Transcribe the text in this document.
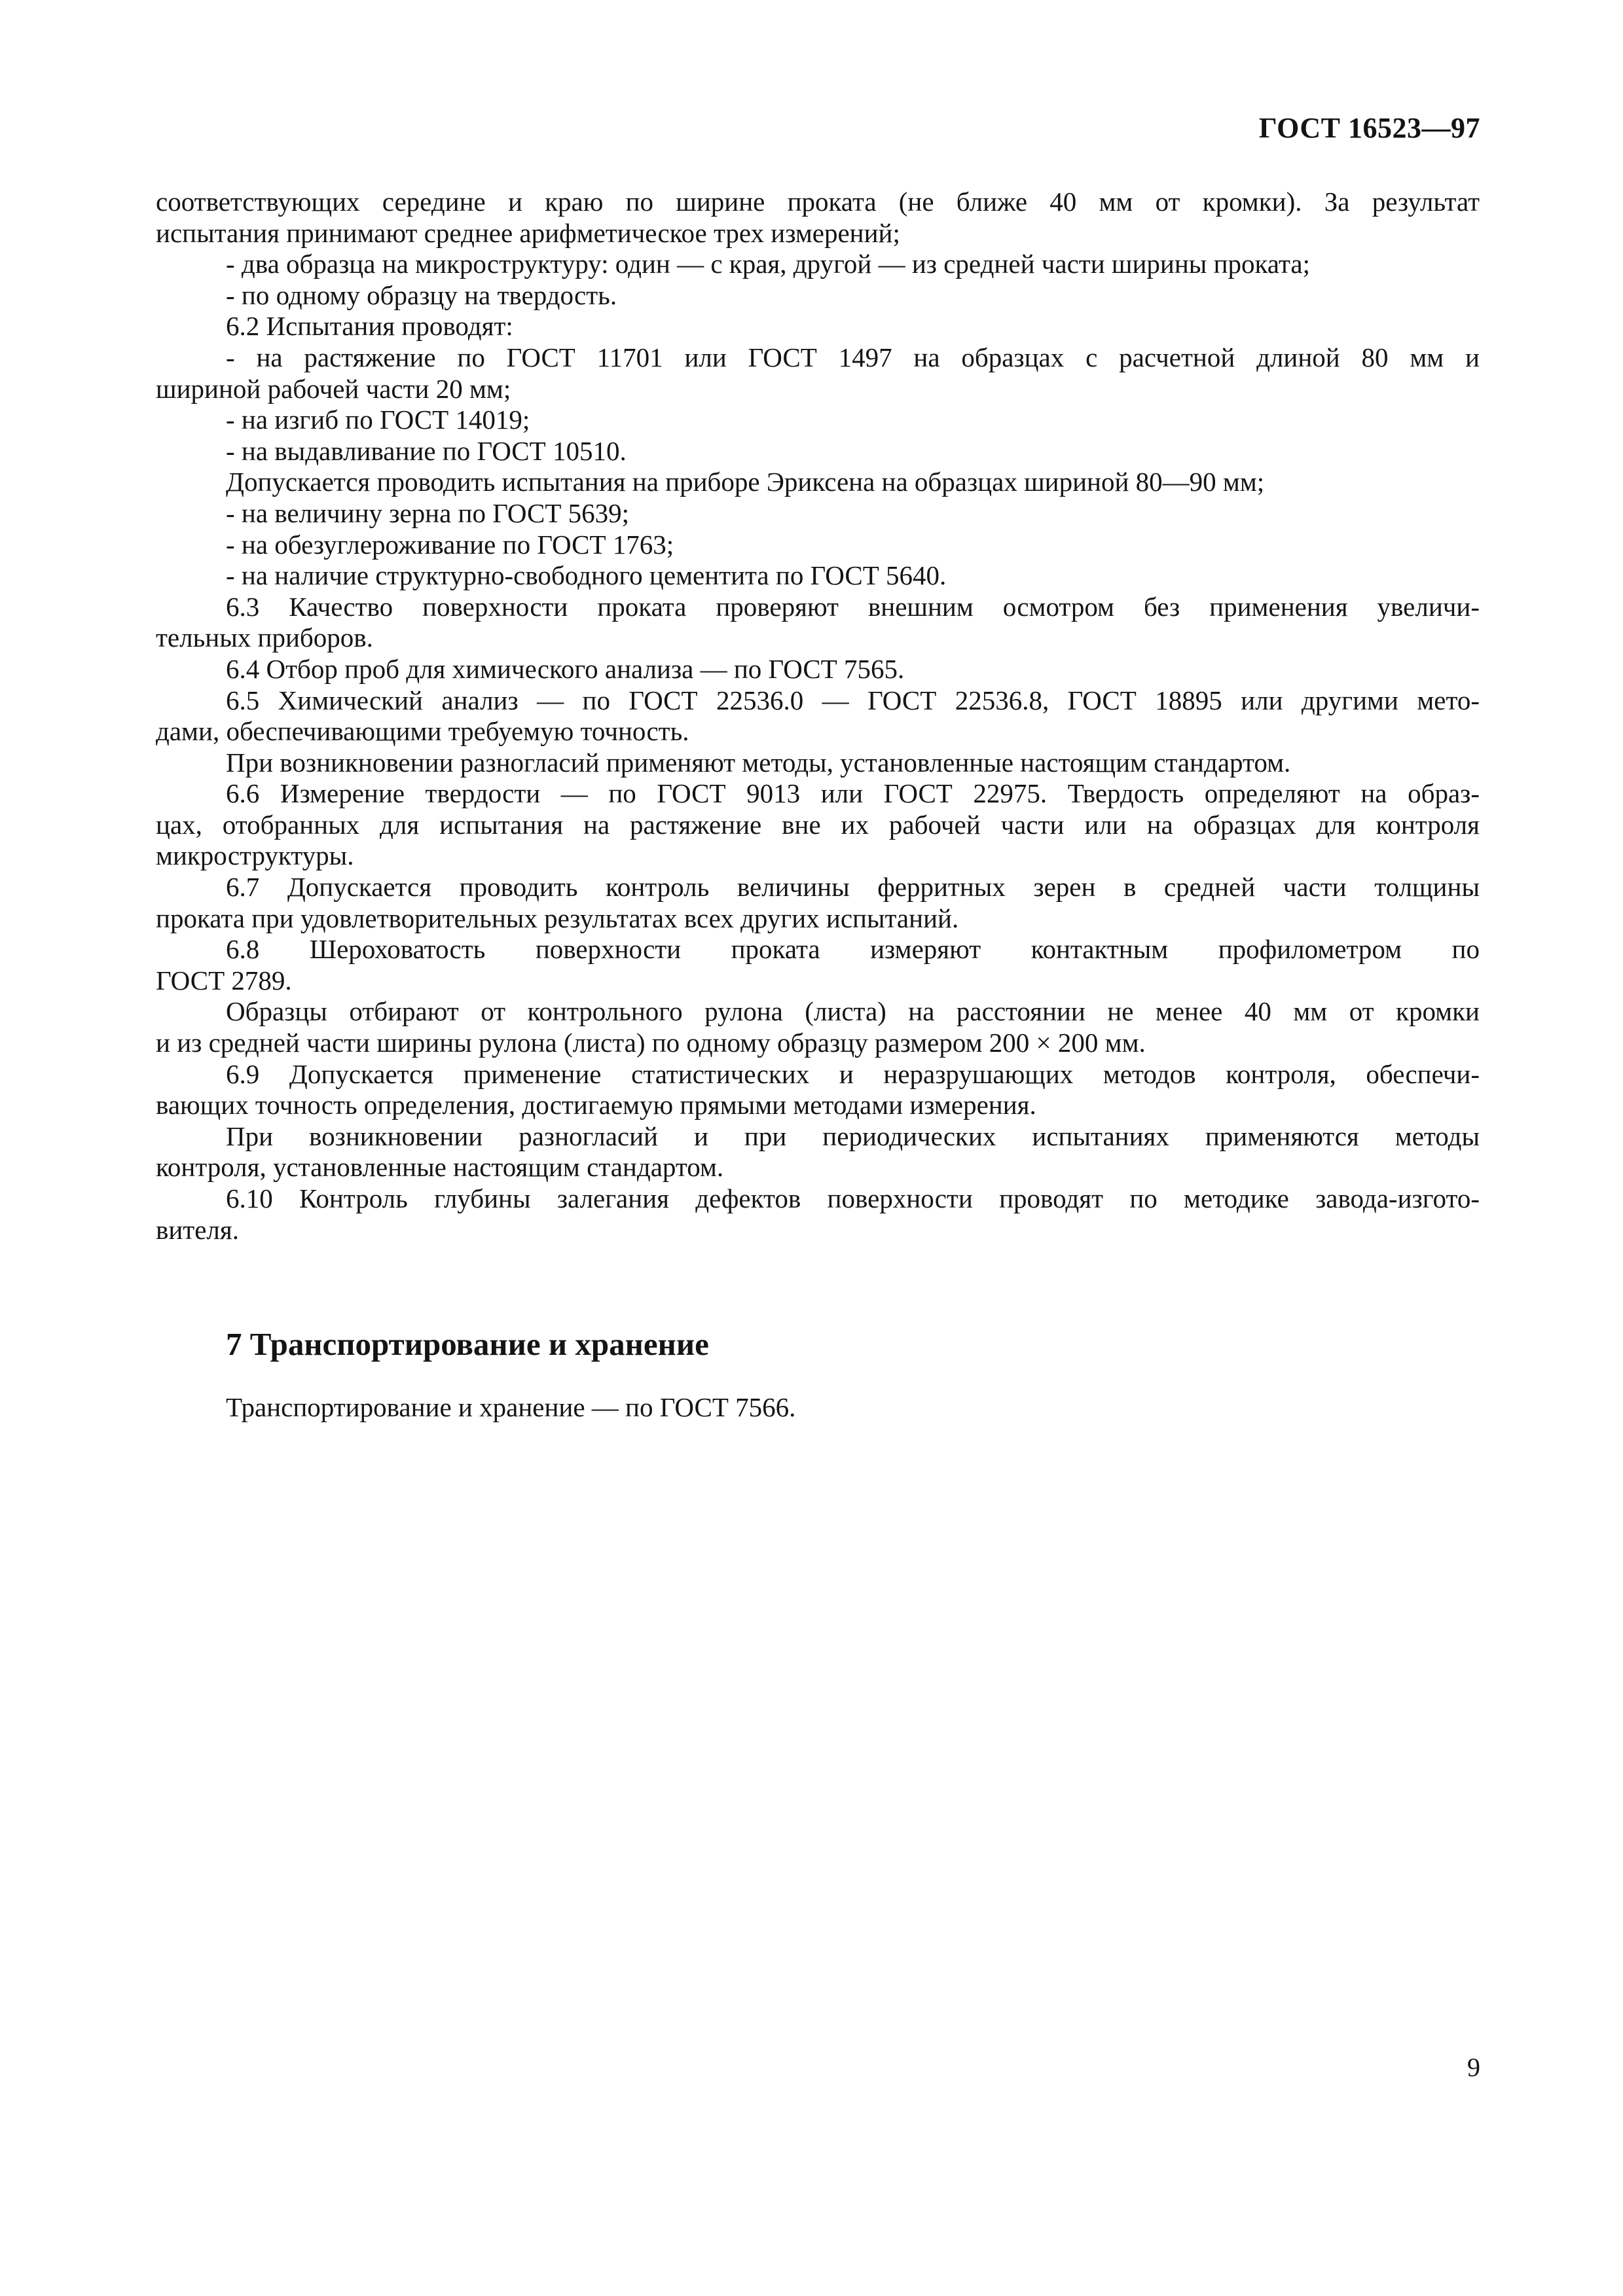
ГОСТ 16523—97
соответствующих середине и краю по ширине проката (не ближе 40 мм от кромки). За результат
испытания принимают среднее арифметическое трех измерений;
- два образца на микроструктуру: один — с края, другой — из средней части ширины проката;
- по одному образцу на твердость.
6.2 Испытания проводят:
- на растяжение по ГОСТ 11701 или ГОСТ 1497 на образцах с расчетной длиной 80 мм и
шириной рабочей части 20 мм;
- на изгиб по ГОСТ 14019;
- на выдавливание по ГОСТ 10510.
Допускается проводить испытания на приборе Эриксена на образцах шириной 80—90 мм;
- на величину зерна по ГОСТ 5639;
- на обезуглероживание по ГОСТ 1763;
- на наличие структурно-свободного цементита по ГОСТ 5640.
6.3 Качество поверхности проката проверяют внешним осмотром без применения увеличи-
тельных приборов.
6.4 Отбор проб для химического анализа — по ГОСТ 7565.
6.5 Химический анализ — по ГОСТ 22536.0 — ГОСТ 22536.8, ГОСТ 18895 или другими мето-
дами, обеспечивающими требуемую точность.
При возникновении разногласий применяют методы, установленные настоящим стандартом.
6.6 Измерение твердости — по ГОСТ 9013 или ГОСТ 22975. Твердость определяют на образ-
цах, отобранных для испытания на растяжение вне их рабочей части или на образцах для контроля
микроструктуры.
6.7 Допускается проводить контроль величины ферритных зерен в средней части толщины
проката при удовлетворительных результатах всех других испытаний.
6.8 Шероховатость поверхности проката измеряют контактным профилометром по
ГОСТ 2789.
Образцы отбирают от контрольного рулона (листа) на расстоянии не менее 40 мм от кромки
и из средней части ширины рулона (листа) по одному образцу размером 200 × 200 мм.
6.9 Допускается применение статистических и неразрушающих методов контроля, обеспечи-
вающих точность определения, достигаемую прямыми методами измерения.
При возникновении разногласий и при периодических испытаниях применяются методы
контроля, установленные настоящим стандартом.
6.10 Контроль глубины залегания дефектов поверхности проводят по методике завода-изгото-
вителя.
7 Транспортирование и хранение
Транспортирование и хранение — по ГОСТ 7566.
9
